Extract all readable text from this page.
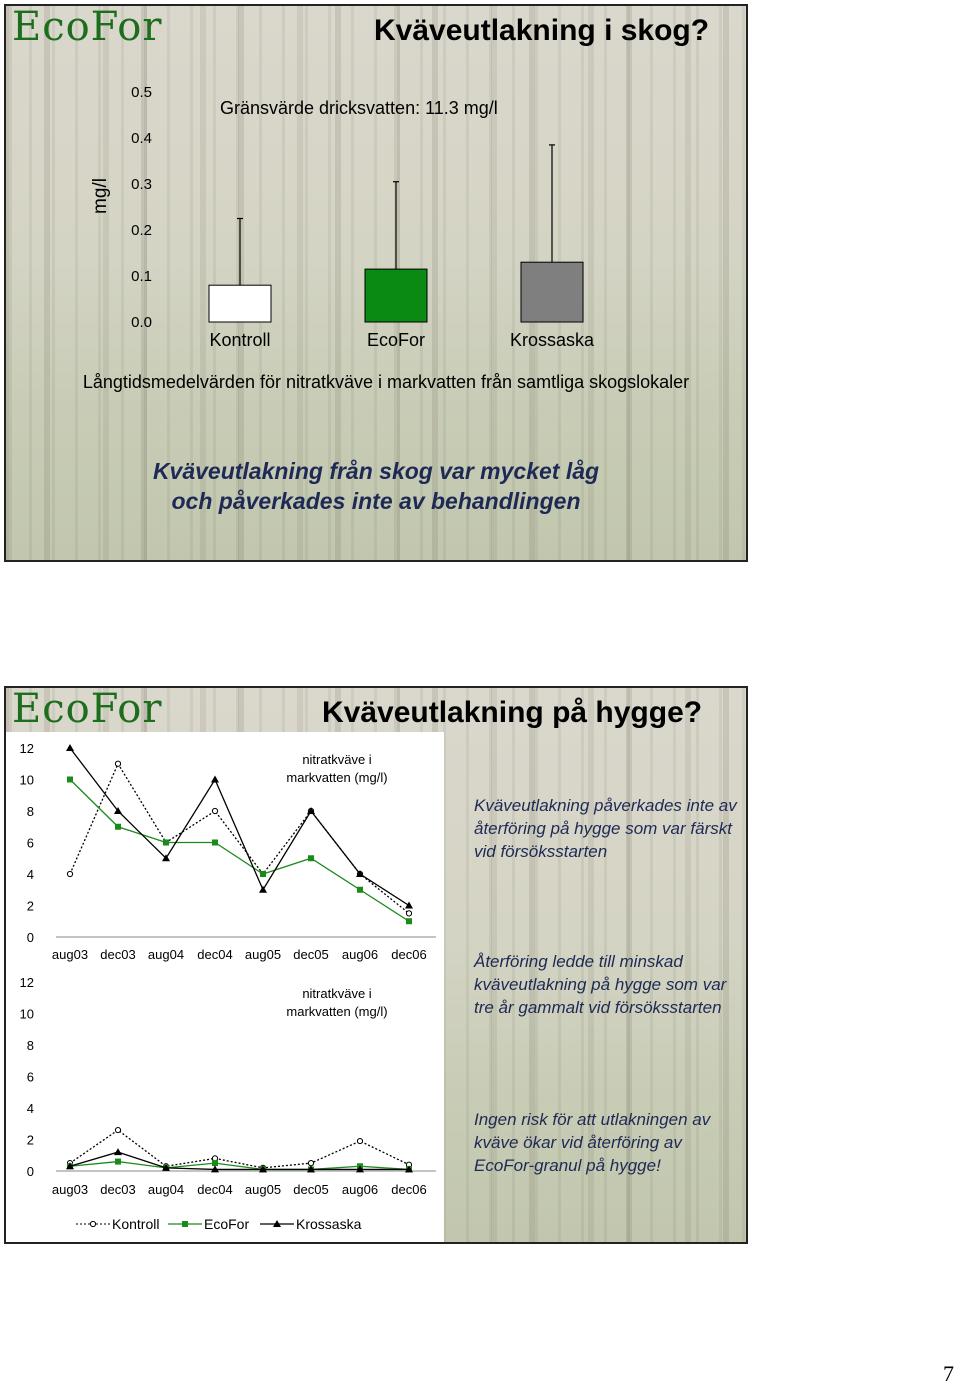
EcoFor	Kväveutlakning i skog?
0.0
0.1
0.2
0.3
0.4
0.5
mg/l
Gränsvärde dricksvatten: 11.3 mg/l
Kontroll	EcoFor	Krossaska
Långtidsmedelvärden för nitratkväve i markvatten från samtliga skogslokaler
Kväveutlakning från skog var mycket låg
och påverkades inte av behandlingen
EcoFor	Kväveutlakning på hygge?
0
2
4
6
8
10
12
aug03 dec03 aug04 dec04 aug05 dec05 aug06 dec06
nitratkväve i
markvatten (mg/l)
0
2
4
6
8
10
12
aug03 dec03 aug04 dec04 aug05 dec05 aug06 dec06
nitratkväve i
markvatten (mg/l)
Kontroll	EcoFor	Krossaska
Kväveutlakning påverkades inte av återföring på hygge som var färskt vid försöksstarten
Återföring ledde till minskad kväveutlakning på hygge som var tre år gammalt vid försöksstarten
Ingen risk för att utlakningen av kväve ökar vid återföring av EcoFor-granul på hygge!
7
